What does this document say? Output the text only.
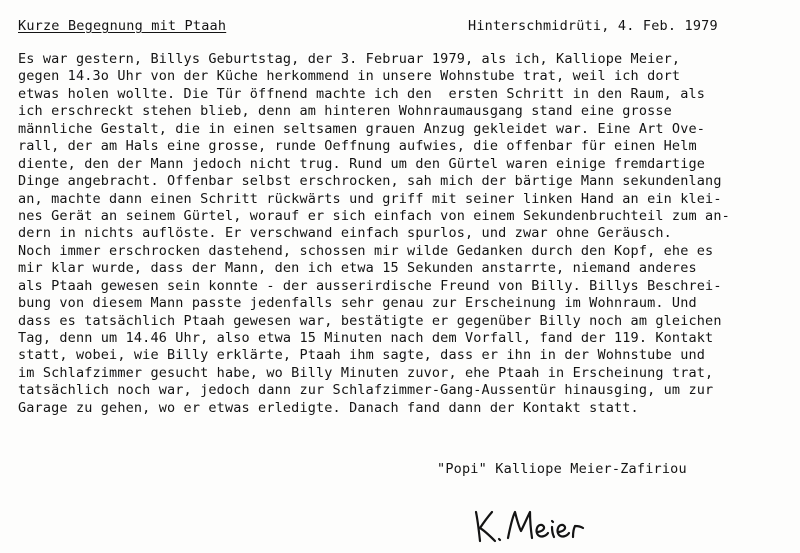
Kurze Begegnung mit Ptaah	Hinterschmidrüti, 4. Feb. 1979
Es war gestern, Billys Geburtstag, der 3. Februar 1979, als ich, Kalliope Meier,
gegen 14.3o Uhr von der Küche herkommend in unsere Wohnstube trat, weil ich dort
etwas holen wollte. Die Tür öffnend machte ich den  ersten Schritt in den Raum, als
ich erschreckt stehen blieb, denn am hinteren Wohnraumausgang stand eine grosse
männliche Gestalt, die in einen seltsamen grauen Anzug gekleidet war. Eine Art Ove-
rall, der am Hals eine grosse, runde Oeffnung aufwies, die offenbar für einen Helm
diente, den der Mann jedoch nicht trug. Rund um den Gürtel waren einige fremdartige
Dinge angebracht. Offenbar selbst erschrocken, sah mich der bärtige Mann sekundenlang
an, machte dann einen Schritt rückwärts und griff mit seiner linken Hand an ein klei-
nes Gerät an seinem Gürtel, worauf er sich einfach von einem Sekundenbruchteil zum an-
dern in nichts auflöste. Er verschwand einfach spurlos, und zwar ohne Geräusch.
Noch immer erschrocken dastehend, schossen mir wilde Gedanken durch den Kopf, ehe es
mir klar wurde, dass der Mann, den ich etwa 15 Sekunden anstarrte, niemand anderes
als Ptaah gewesen sein konnte - der ausserirdische Freund von Billy. Billys Beschrei-
bung von diesem Mann passte jedenfalls sehr genau zur Erscheinung im Wohnraum. Und
dass es tatsächlich Ptaah gewesen war, bestätigte er gegenüber Billy noch am gleichen
Tag, denn um 14.46 Uhr, also etwa 15 Minuten nach dem Vorfall, fand der 119. Kontakt
statt, wobei, wie Billy erklärte, Ptaah ihm sagte, dass er ihn in der Wohnstube und
im Schlafzimmer gesucht habe, wo Billy Minuten zuvor, ehe Ptaah in Erscheinung trat,
tatsächlich noch war, jedoch dann zur Schlafzimmer-Gang-Aussentür hinausging, um zur
Garage zu gehen, wo er etwas erledigte. Danach fand dann der Kontakt statt.
"Popi" Kalliope Meier-Zafiriou
